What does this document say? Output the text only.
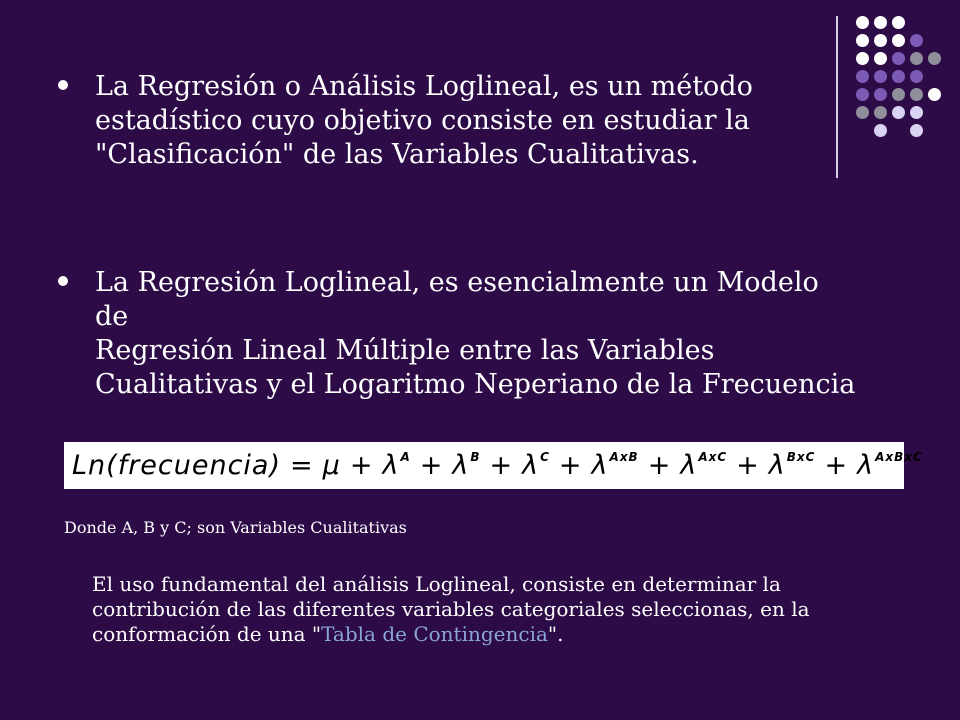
La Regresión o Análisis Loglineal, es un método
estadístico cuyo objetivo consiste en estudiar la
"Clasificación" de las Variables Cualitativas.
La Regresión Loglineal, es esencialmente un Modelo de
Regresión Lineal Múltiple entre las Variables
Cualitativas y el Logaritmo Neperiano de la Frecuencia
Ln(frecuencia) = $\mu + \lambda^A + \lambda^B + \lambda^C + \lambda^{AxB} + \lambda^{AxC} + \lambda^{BxC} + \lambda^{AxBxC}$
Donde A, B y C; son Variables Cualitativas
El uso fundamental del análisis Loglineal, consiste en determinar la contribución de las diferentes variables categoriales seleccionas, en la conformación de una "Tabla de Contingencia".
